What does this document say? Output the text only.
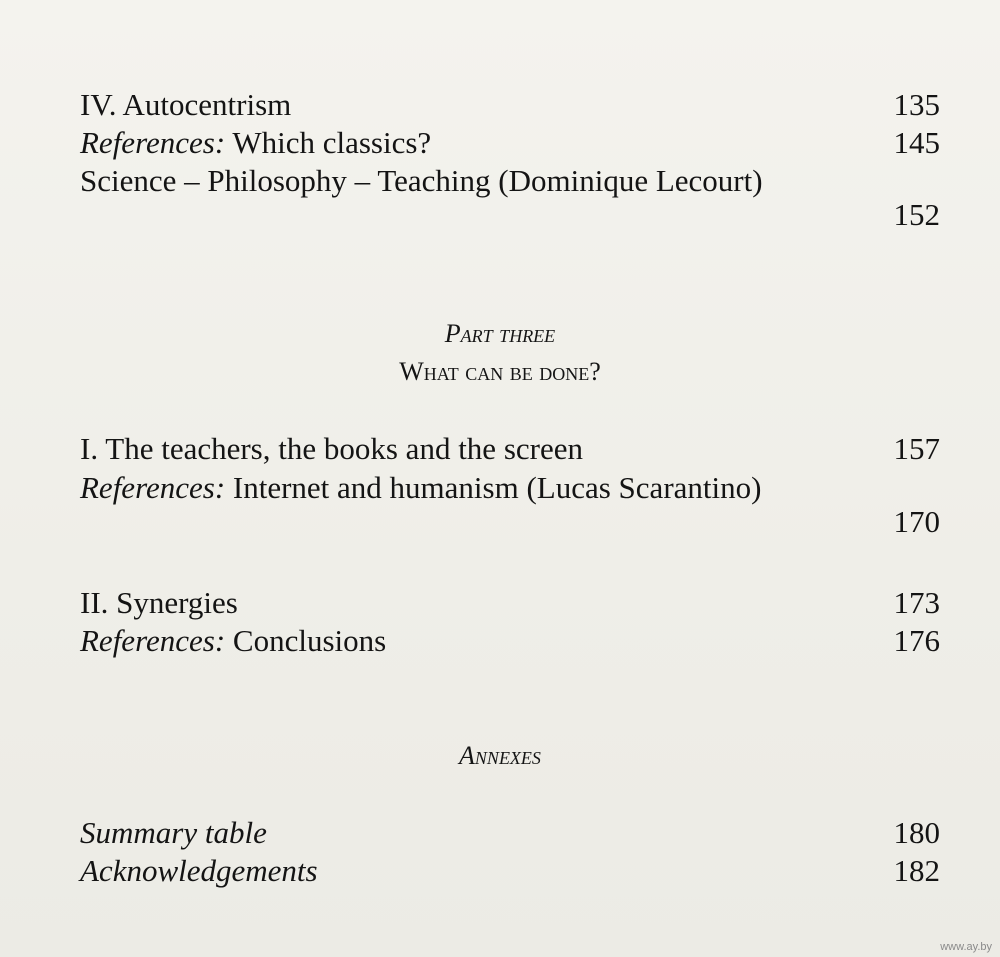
IV. Autocentrism	135
References: Which classics?	145
Science – Philosophy – Teaching (Dominique Lecourt)
152
Part three
What can be done?
I. The teachers, the books and the screen	157
References: Internet and humanism (Lucas Scarantino)
170
II. Synergies	173
References: Conclusions	176
Annexes
Summary table	180
Acknowledgements	182
www.ay.by
